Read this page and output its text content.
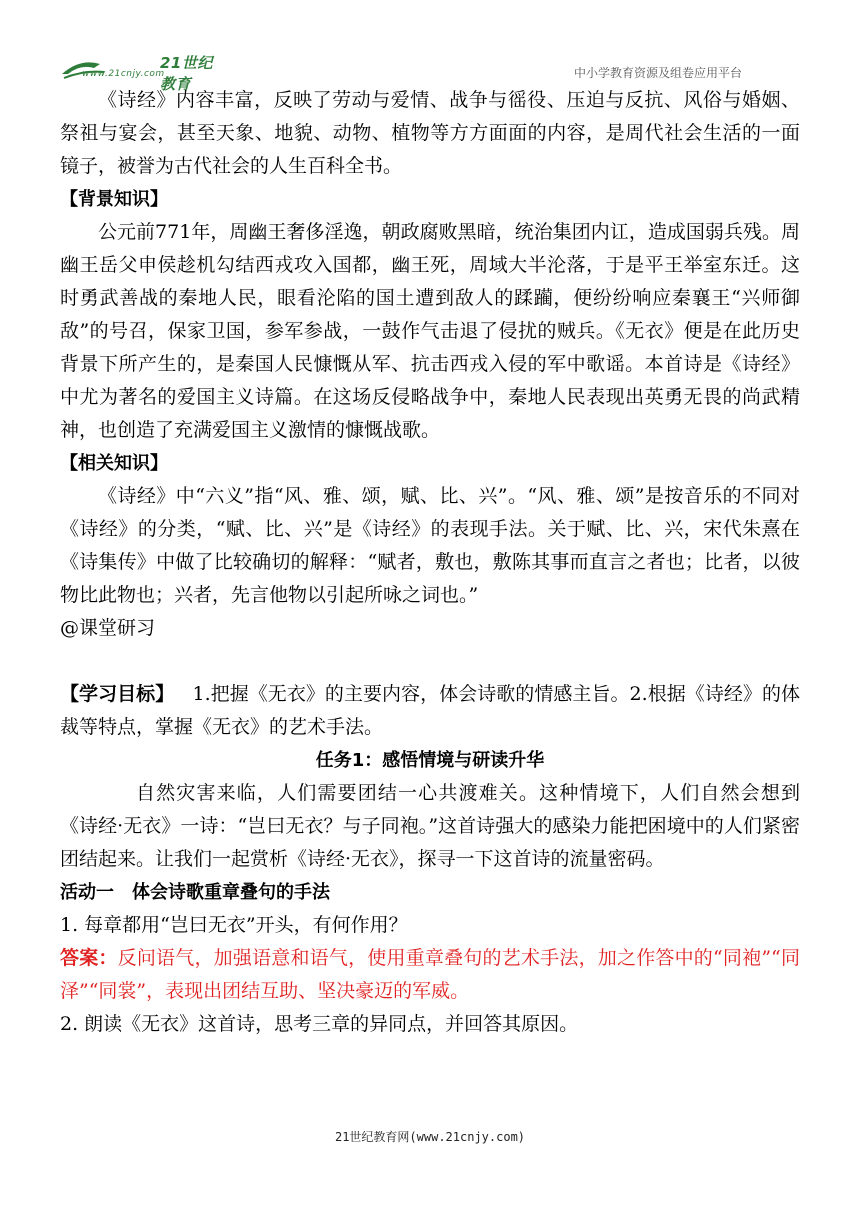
21世纪教育
www.21cnjy.com	中小学教育资源及组卷应用平台

《诗经》内容丰富，反映了劳动与爱情、战争与徭役、压迫与反抗、风俗与婚姻、祭祖与宴会，甚至天象、地貌、动物、植物等方方面面的内容，是周代社会生活的一面镜子，被誉为古代社会的人生百科全书。

【背景知识】

公元前771年，周幽王奢侈淫逸，朝政腐败黑暗，统治集团内讧，造成国弱兵残。周幽王岳父申侯趁机勾结西戎攻入国都，幽王死，周域大半沦落，于是平王举室东迁。这时勇武善战的秦地人民，眼看沦陷的国土遭到敌人的蹂躏，便纷纷响应秦襄王“兴师御敌”的号召，保家卫国，参军参战，一鼓作气击退了侵扰的贼兵。《无衣》便是在此历史背景下所产生的，是秦国人民慷慨从军、抗击西戎入侵的军中歌谣。本首诗是《诗经》中尤为著名的爱国主义诗篇。在这场反侵略战争中，秦地人民表现出英勇无畏的尚武精神，也创造了充满爱国主义激情的慷慨战歌。

【相关知识】

《诗经》中“六义”指“风、雅、颂，赋、比、兴”。“风、雅、颂”是按音乐的不同对《诗经》的分类，“赋、比、兴”是《诗经》的表现手法。关于赋、比、兴，宋代朱熹在《诗集传》中做了比较确切的解释：“赋者，敷也，敷陈其事而直言之者也；比者，以彼物比此物也；兴者，先言他物以引起所咏之词也。”

@课堂研习

【学习目标】 1.把握《无衣》的主要内容，体会诗歌的情感主旨。2.根据《诗经》的体裁等特点，掌握《无衣》的艺术手法。

任务1：感悟情境与研读升华

自然灾害来临，人们需要团结一心共渡难关。这种情境下，人们自然会想到《诗经·无衣》一诗：“岂曰无衣？与子同袍。”这首诗强大的感染力能把困境中的人们紧密团结起来。让我们一起赏析《诗经·无衣》，探寻一下这首诗的流量密码。

活动一　体会诗歌重章叠句的手法

1. 每章都用“岂曰无衣”开头，有何作用？

答案：反问语气，加强语意和语气，使用重章叠句的艺术手法，加之作答中的“同袍”“同泽”“同裳”，表现出团结互助、坚决豪迈的军威。

2. 朗读《无衣》这首诗，思考三章的异同点，并回答其原因。

21世纪教育网(www.21cnjy.com)
